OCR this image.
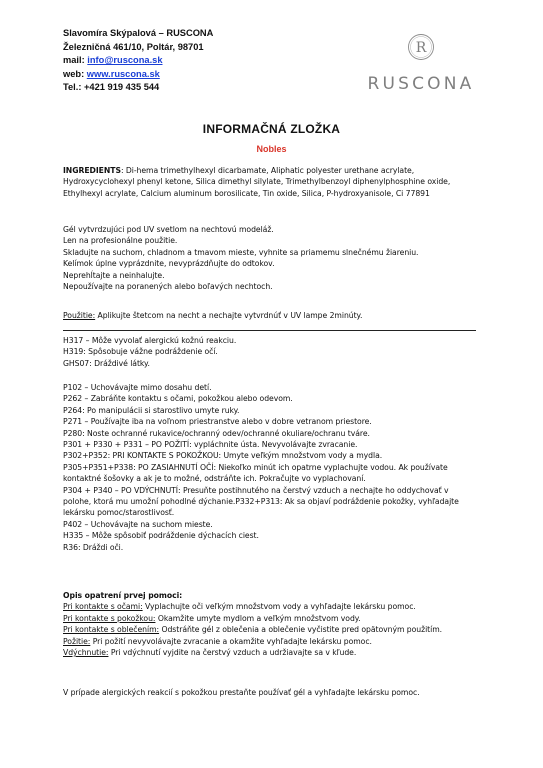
Slavomíra Skýpalová – RUSCONA
Železničná 461/10, Poltár, 98701
mail: info@ruscona.sk
web: www.ruscona.sk
Tel.: +421 919 435 544
R
RUSCONA
INFORMAČNÁ ZLOŽKA
Nobles

INGREDIENTS: Di-hema trimethylhexyl dicarbamate, Aliphatic polyester urethane acrylate, Hydroxycyclohexyl phenyl ketone, Silica dimethyl silylate, Trimethylbenzoyl diphenylphosphine oxide, Ethylhexyl acrylate, Calcium aluminum borosilicate, Tin oxide, Silica, P-hydroxyanisole, Ci 77891

Gél vytvrdzujúci pod UV svetlom na nechtovú modeláž.

Len na profesionálne použitie.

Skladujte na suchom, chladnom a tmavom mieste, vyhnite sa priamemu slnečnému žiareniu.

Kelímok úplne vyprázdnite, nevyprázdňujte do odtokov.

Neprehĺtajte a neinhalujte.

Nepoužívajte na poranených alebo boľavých nechtoch.

Použitie: Aplikujte štetcom na necht a nechajte vytvrdnúť v UV lampe 2minúty.

H317 – Môže vyvolať alergickú kožnú reakciu.

H319: Spôsobuje vážne podráždenie očí.

GHS07: Dráždivé látky.

P102 – Uchovávajte mimo dosahu detí.

P262 – Zabráňte kontaktu s očami, pokožkou alebo odevom.

P264: Po manipulácii si starostlivo umyte ruky.

P271 – Používajte iba na voľnom priestranstve alebo v dobre vetranom priestore.

P280: Noste ochranné rukavice/ochranný odev/ochranné okuliare/ochranu tváre.

P301 + P330 + P331 – PO POŽITÍ: vypláchnite ústa. Nevyvolávajte zvracanie.

P302+P352: PRI KONTAKTE S POKOŽKOU: Umyte veľkým množstvom vody a mydla.

P305+P351+P338: PO ZASIAHNUTÍ OČÍ: Niekoľko minút ich opatrne vyplachujte vodou. Ak používate kontaktné šošovky a ak je to možné, odstráňte ich. Pokračujte vo vyplachovaní.

P304 + P340 – PO VDÝCHNUTÍ: Presuňte postihnutého na čerstvý vzduch a nechajte ho oddychovať v polohe, ktorá mu umožní pohodlné dýchanie.P332+P313: Ak sa objaví podráždenie pokožky, vyhľadajte lekársku pomoc/starostlivosť.

P402 – Uchovávajte na suchom mieste.

H335 – Môže spôsobiť podráždenie dýchacích ciest.

R36: Dráždi oči.

Opis opatrení prvej pomoci:

Pri kontakte s očami: Vyplachujte oči veľkým množstvom vody a vyhľadajte lekársku pomoc.

Pri kontakte s pokožkou: Okamžite umyte mydlom a veľkým množstvom vody.

Pri kontakte s oblečením: Odstráňte gél z oblečenia a oblečenie vyčistite pred opätovným použitím.

Požitie: Pri požití nevyvolávajte zvracanie a okamžite vyhľadajte lekársku pomoc.

Vdýchnutie: Pri vdýchnutí vyjdite na čerstvý vzduch a udržiavajte sa v kľude.

V prípade alergických reakcií s pokožkou prestaňte používať gél a vyhľadajte lekársku pomoc.
